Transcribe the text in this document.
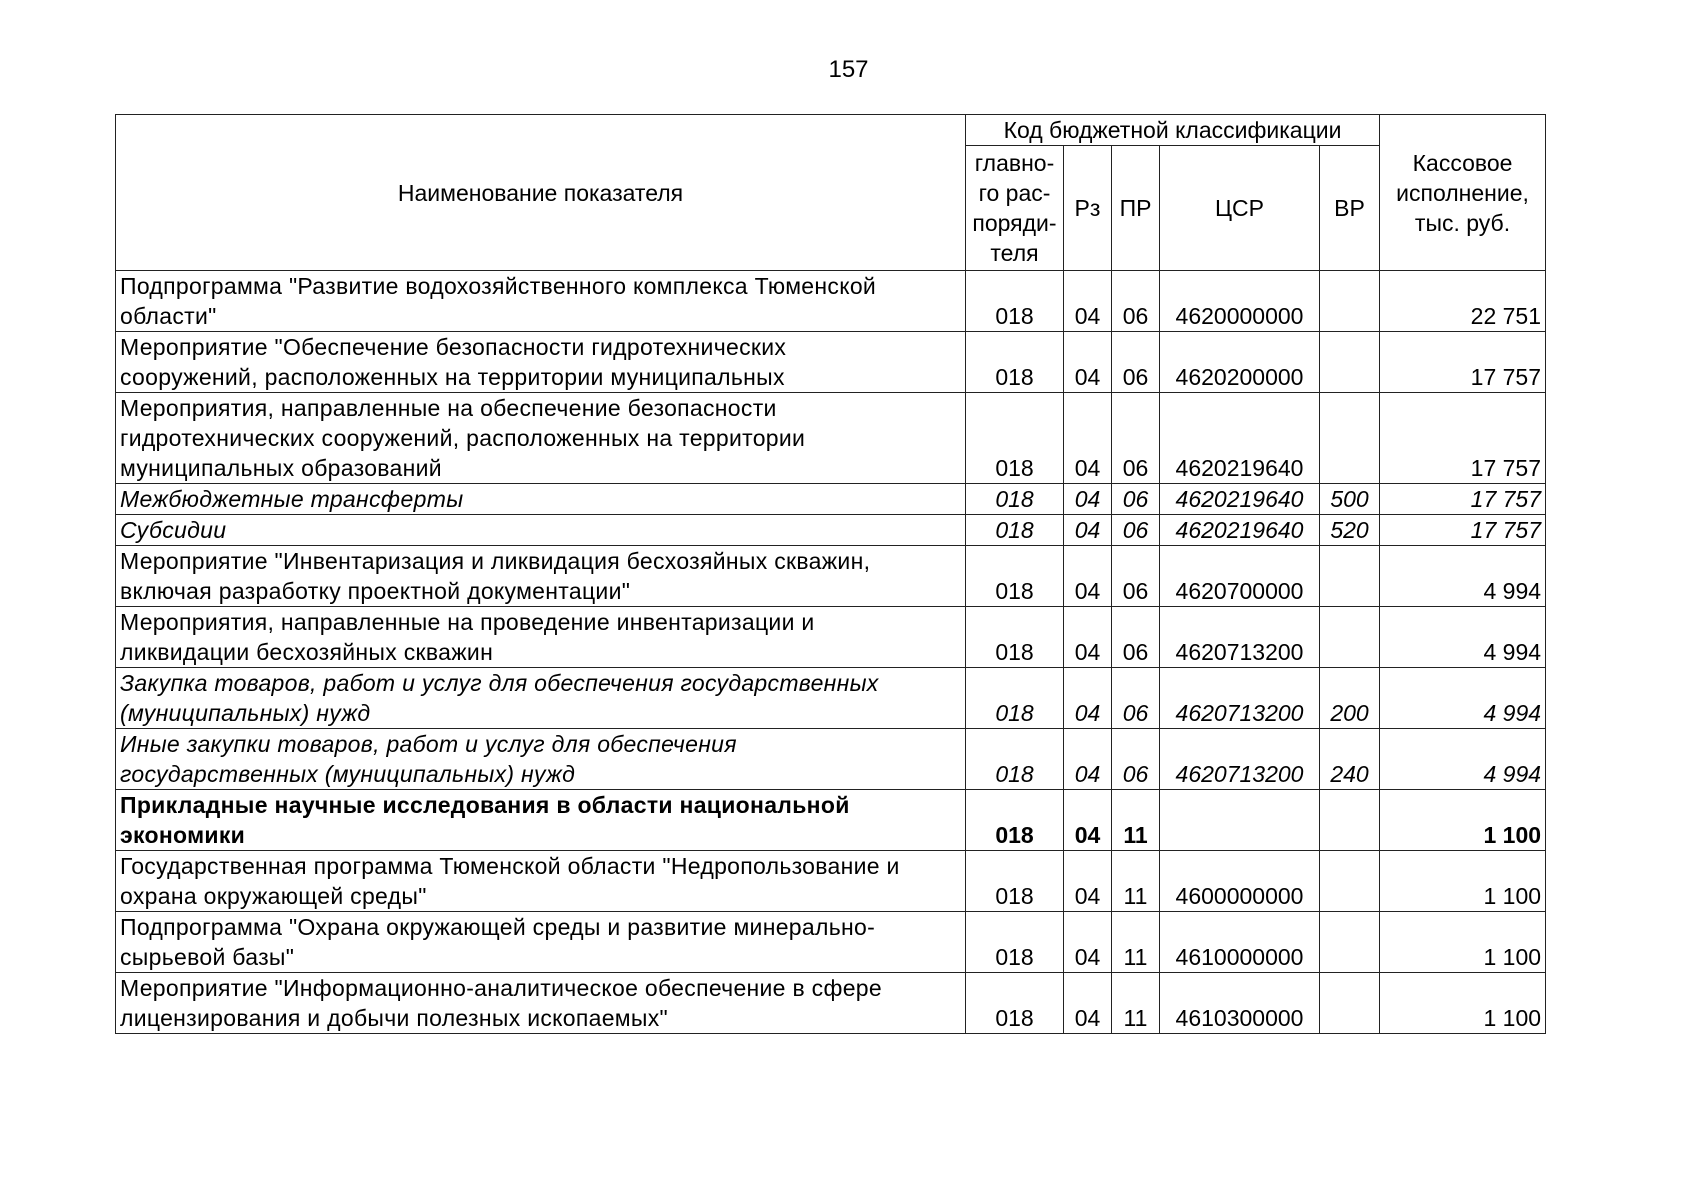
157
Наименование показателя	Код бюджетной классификации					Кассовое
исполнение,
тыс. руб.

	главно-
го рас-
поряди-
теля	Рз	ПР	ЦСР	ВР	

Подпрограмма "Развитие водохозяйственного комплекса Тюменской
области"	018	04	06	4620000000		22 751

Мероприятие "Обеспечение безопасности гидротехнических
сооружений, расположенных на территории муниципальных	018	04	06	4620200000		17 757

Мероприятия, направленные на обеспечение безопасности
гидротехнических сооружений, расположенных на территории
муниципальных образований	018	04	06	4620219640		17 757

Межбюджетные трансферты	018	04	06	4620219640	500	17 757

Субсидии	018	04	06	4620219640	520	17 757

Мероприятие "Инвентаризация и ликвидация бесхозяйных скважин,
включая разработку проектной документации"	018	04	06	4620700000		4 994

Мероприятия, направленные на проведение инвентаризации и
ликвидации бесхозяйных скважин	018	04	06	4620713200		4 994

Закупка товаров, работ и услуг для обеспечения государственных
(муниципальных) нужд	018	04	06	4620713200	200	4 994

Иные закупки товаров, работ и услуг для обеспечения
государственных (муниципальных) нужд	018	04	06	4620713200	240	4 994

Прикладные научные исследования в области национальной
экономики	018	04	11			1 100

Государственная программа Тюменской области "Недропользование и
охрана окружающей среды"	018	04	11	4600000000		1 100

Подпрограмма "Охрана окружающей среды и развитие минерально-
сырьевой базы"	018	04	11	4610000000		1 100

Мероприятие "Информационно-аналитическое обеспечение в сфере
лицензирования и добычи полезных ископаемых"	018	04	11	4610300000		1 100
